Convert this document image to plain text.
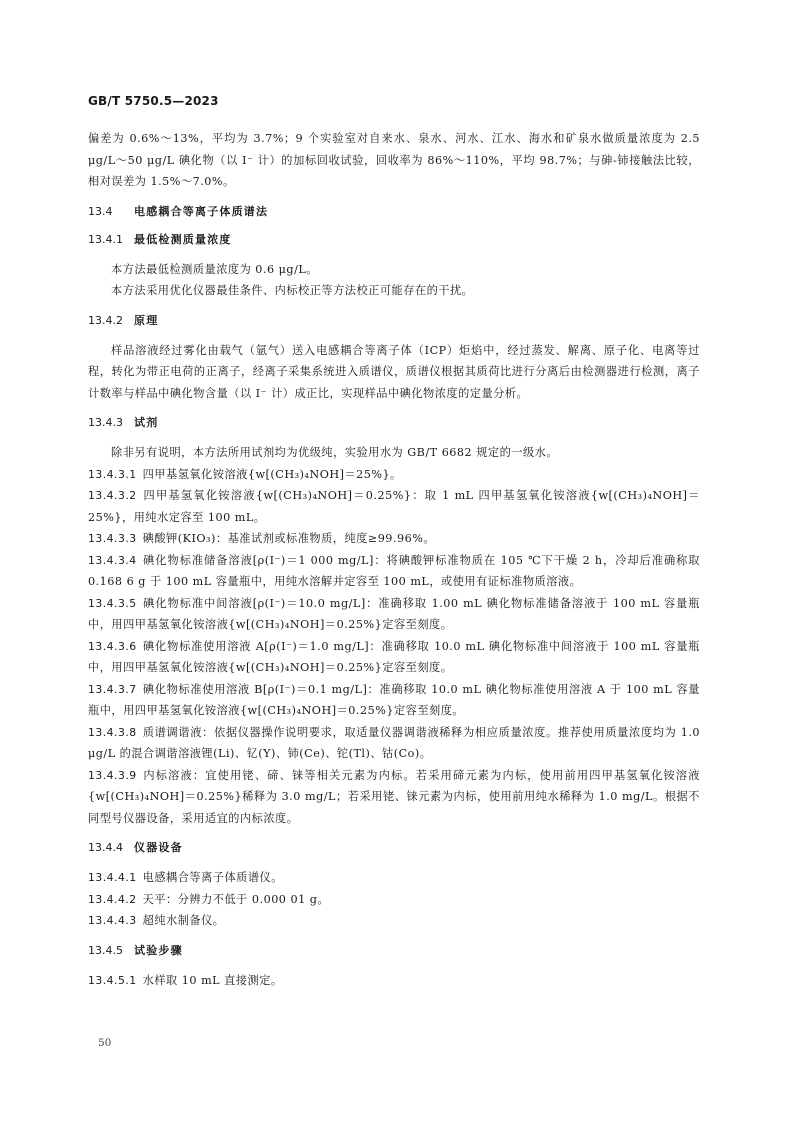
GB/T 5750.5—2023

偏差为 0.6%～13%，平均为 3.7%；9 个实验室对自来水、泉水、河水、江水、海水和矿泉水做质量浓度为 2.5 μg/L～50 μg/L 碘化物（以 I⁻ 计）的加标回收试验，回收率为 86%～110%，平均 98.7%；与砷-铈接触法比较，相对误差为 1.5%～7.0%。

13.4 电感耦合等离子体质谱法
13.4.1 最低检测质量浓度

本方法最低检测质量浓度为 0.6 μg/L。

本方法采用优化仪器最佳条件、内标校正等方法校正可能存在的干扰。

13.4.2 原理

样品溶液经过雾化由载气（氩气）送入电感耦合等离子体（ICP）炬焰中，经过蒸发、解离、原子化、电离等过程，转化为带正电荷的正离子，经离子采集系统进入质谱仪，质谱仪根据其质荷比进行分离后由检测器进行检测，离子计数率与样品中碘化物含量（以 I⁻ 计）成正比，实现样品中碘化物浓度的定量分析。

13.4.3 试剂

除非另有说明，本方法所用试剂均为优级纯，实验用水为 GB/T 6682 规定的一级水。

13.4.3.1 四甲基氢氧化铵溶液{w[(CH₃)₄NOH]＝25%}。

13.4.3.2 四甲基氢氧化铵溶液{w[(CH₃)₄NOH]＝0.25%}：取 1 mL 四甲基氢氧化铵溶液{w[(CH₃)₄NOH]＝25%}，用纯水定容至 100 mL。

13.4.3.3 碘酸钾(KIO₃)：基准试剂或标准物质，纯度≥99.96%。

13.4.3.4 碘化物标准储备溶液[ρ(I⁻)＝1 000 mg/L]：将碘酸钾标准物质在 105 ℃下干燥 2 h，冷却后准确称取 0.168 6 g 于 100 mL 容量瓶中，用纯水溶解并定容至 100 mL，或使用有证标准物质溶液。

13.4.3.5 碘化物标准中间溶液[ρ(I⁻)＝10.0 mg/L]：准确移取 1.00 mL 碘化物标准储备溶液于 100 mL 容量瓶中，用四甲基氢氧化铵溶液{w[(CH₃)₄NOH]＝0.25%}定容至刻度。

13.4.3.6 碘化物标准使用溶液 A[ρ(I⁻)＝1.0 mg/L]：准确移取 10.0 mL 碘化物标准中间溶液于 100 mL 容量瓶中，用四甲基氢氧化铵溶液{w[(CH₃)₄NOH]＝0.25%}定容至刻度。

13.4.3.7 碘化物标准使用溶液 B[ρ(I⁻)＝0.1 mg/L]：准确移取 10.0 mL 碘化物标准使用溶液 A 于 100 mL 容量瓶中，用四甲基氢氧化铵溶液{w[(CH₃)₄NOH]＝0.25%}定容至刻度。

13.4.3.8 质谱调谐液：依据仪器操作说明要求，取适量仪器调谐液稀释为相应质量浓度。推荐使用质量浓度均为 1.0 μg/L 的混合调谐溶液锂(Li)、钇(Y)、铈(Ce)、铊(Tl)、钴(Co)。

13.4.3.9 内标溶液：宜使用铑、碲、铼等相关元素为内标。若采用碲元素为内标，使用前用四甲基氢氧化铵溶液{w[(CH₃)₄NOH]＝0.25%}稀释为 3.0 mg/L；若采用铑、铼元素为内标，使用前用纯水稀释为 1.0 mg/L。根据不同型号仪器设备，采用适宜的内标浓度。

13.4.4 仪器设备

13.4.4.1 电感耦合等离子体质谱仪。

13.4.4.2 天平：分辨力不低于 0.000 01 g。

13.4.4.3 超纯水制备仪。

13.4.5 试验步骤

13.4.5.1 水样取 10 mL 直接测定。

50
